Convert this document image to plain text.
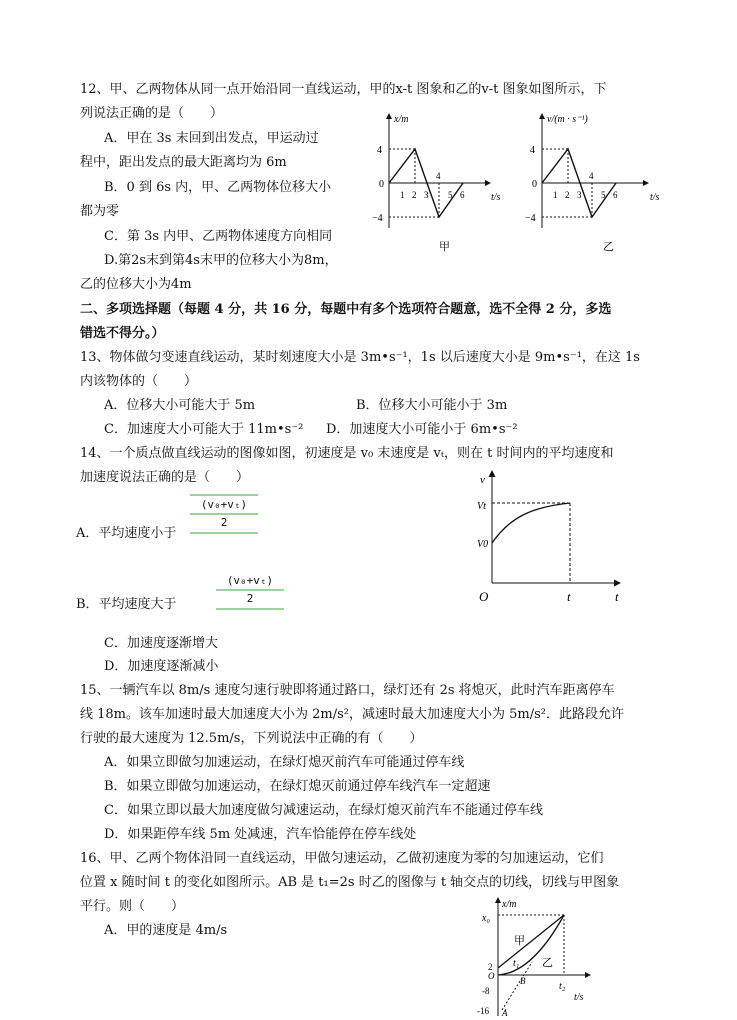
12、甲、乙两物体从同一点开始沿同一直线运动，甲的x-t 图象和乙的v-t 图象如图所示，下
列说法正确的是（　　）
A．甲在 3s 末回到出发点，甲运动过
程中，距出发点的最大距离均为 6m
B．0 到 6s 内，甲、乙两物体位移大小
都为零
C．第 3s 内甲、乙两物体速度方向相同
D.第2s末到第4s末甲的位移大小为8m，
乙的位移大小为4m
x/m
t/s
4
0
−4
1 2 3
4
5 6
甲
v/(m · s⁻¹)
t/s
4
0
−4
1 2 3
4
5 6
乙
二、多项选择题（每题 4 分，共 16 分，每题中有多个选项符合题意，选不全得 2 分，多选
错选不得分。）
13、物体做匀变速直线运动，某时刻速度大小是 3m•s⁻¹，1s 以后速度大小是 9m•s⁻¹，在这 1s
内该物体的（　　）
A．位移大小可能大于 5m	B．位移大小可能小于 3m
C．加速度大小可能大于 11m•s⁻² D．加速度大小可能小于 6m•s⁻²
14、一个质点做直线运动的图像如图，初速度是 v₀ 末速度是 vₜ，则在 t 时间内的平均速度和
加速度说法正确的是（　　）
(v₀+vₜ)
2
A．平均速度小于
(v₀+vₜ)
2
B．平均速度大于
v
Vt
V0
O	t	t
C．加速度逐渐增大
D．加速度逐渐减小
15、一辆汽车以 8m/s 速度匀速行驶即将通过路口，绿灯还有 2s 将熄灭，此时汽车距离停车
线 18m。该车加速时最大加速度大小为 2m/s²，减速时最大加速度大小为 5m/s²．此路段允许
行驶的最大速度为 12.5m/s，下列说法中正确的有（　　）
A．如果立即做匀加速运动，在绿灯熄灭前汽车可能通过停车线
B．如果立即做匀加速运动，在绿灯熄灭前通过停车线汽车一定超速
C．如果立即以最大加速度做匀减速运动，在绿灯熄灭前汽车不能通过停车线
D．如果距停车线 5m 处减速，汽车恰能停在停车线处
16、甲、乙两个物体沿同一直线运动，甲做匀速运动，乙做初速度为零的匀加速运动，它们
位置 x 随时间 t 的变化如图所示。AB 是 t₁=2s 时乙的图像与 t 轴交点的切线，切线与甲图象
平行。则（　　）
A．甲的速度是 4m/s
x/m
x₀
2
O
-8
-16
t/s
t₂
t₁
B
A
甲
乙
